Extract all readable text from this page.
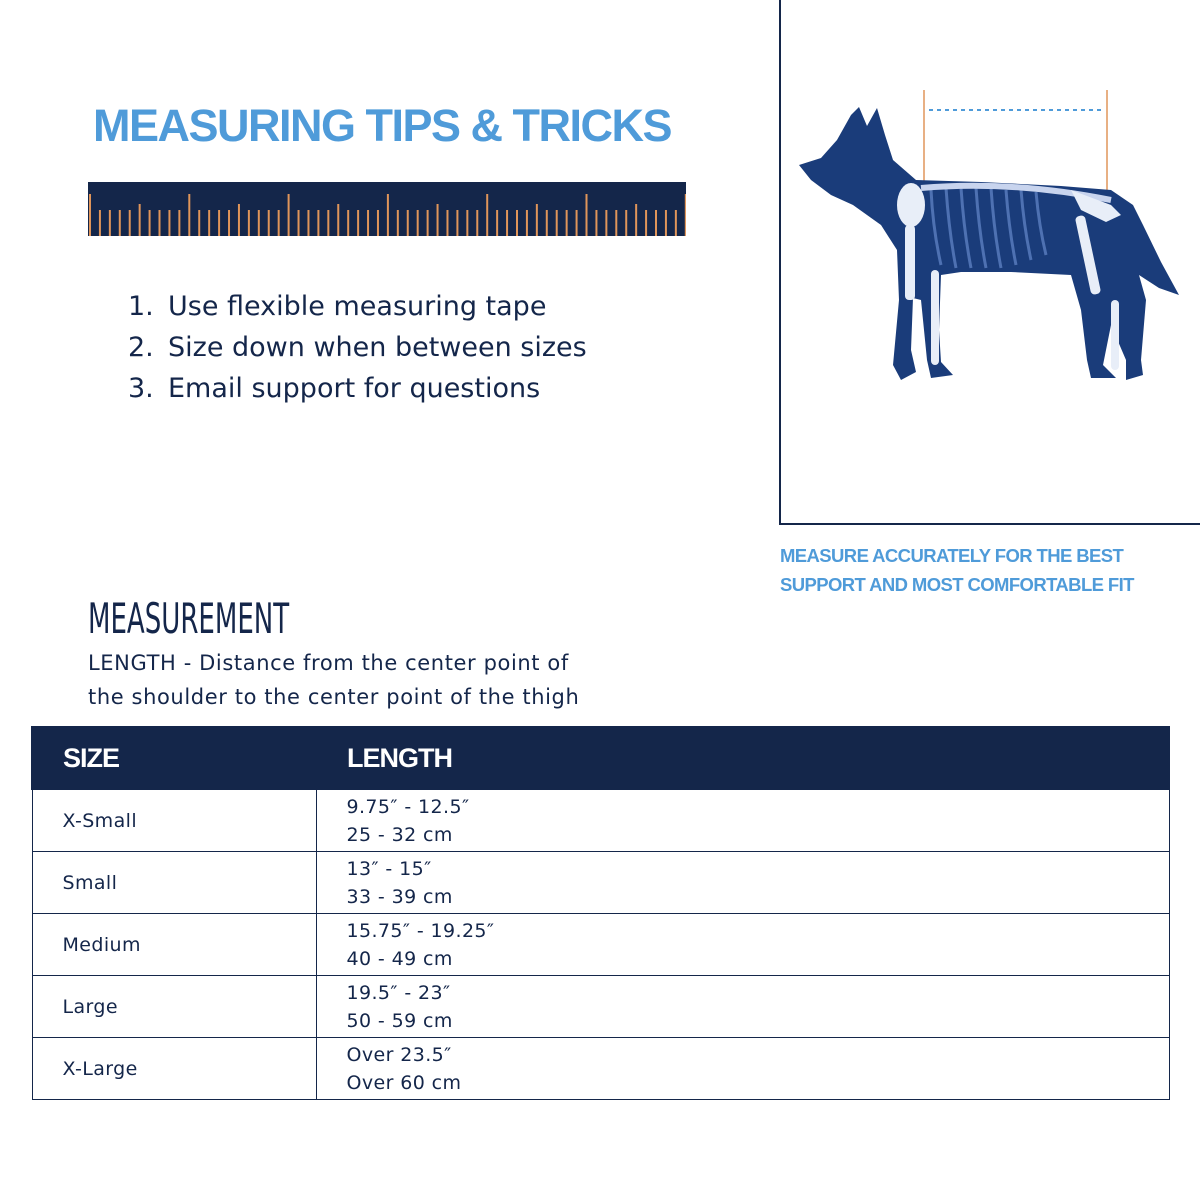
MEASURING TIPS & TRICKS
1. Use flexible measuring tape
2. Size down when between sizes
3. Email support for questions

MEASURE ACCURATELY FOR THE BEST
SUPPORT AND MOST COMFORTABLE FIT

MEASUREMENT

LENGTH - Distance from the center point of
the shoulder to the center point of the thigh

SIZE	LENGTH
X-Small	9.75″ - 12.5″
25 - 32 cm
Small	13″ - 15″
33 - 39 cm
Medium	15.75″ - 19.25″
40 - 49 cm
Large	19.5″ - 23″
50 - 59 cm
X-Large	Over 23.5″
Over 60 cm
